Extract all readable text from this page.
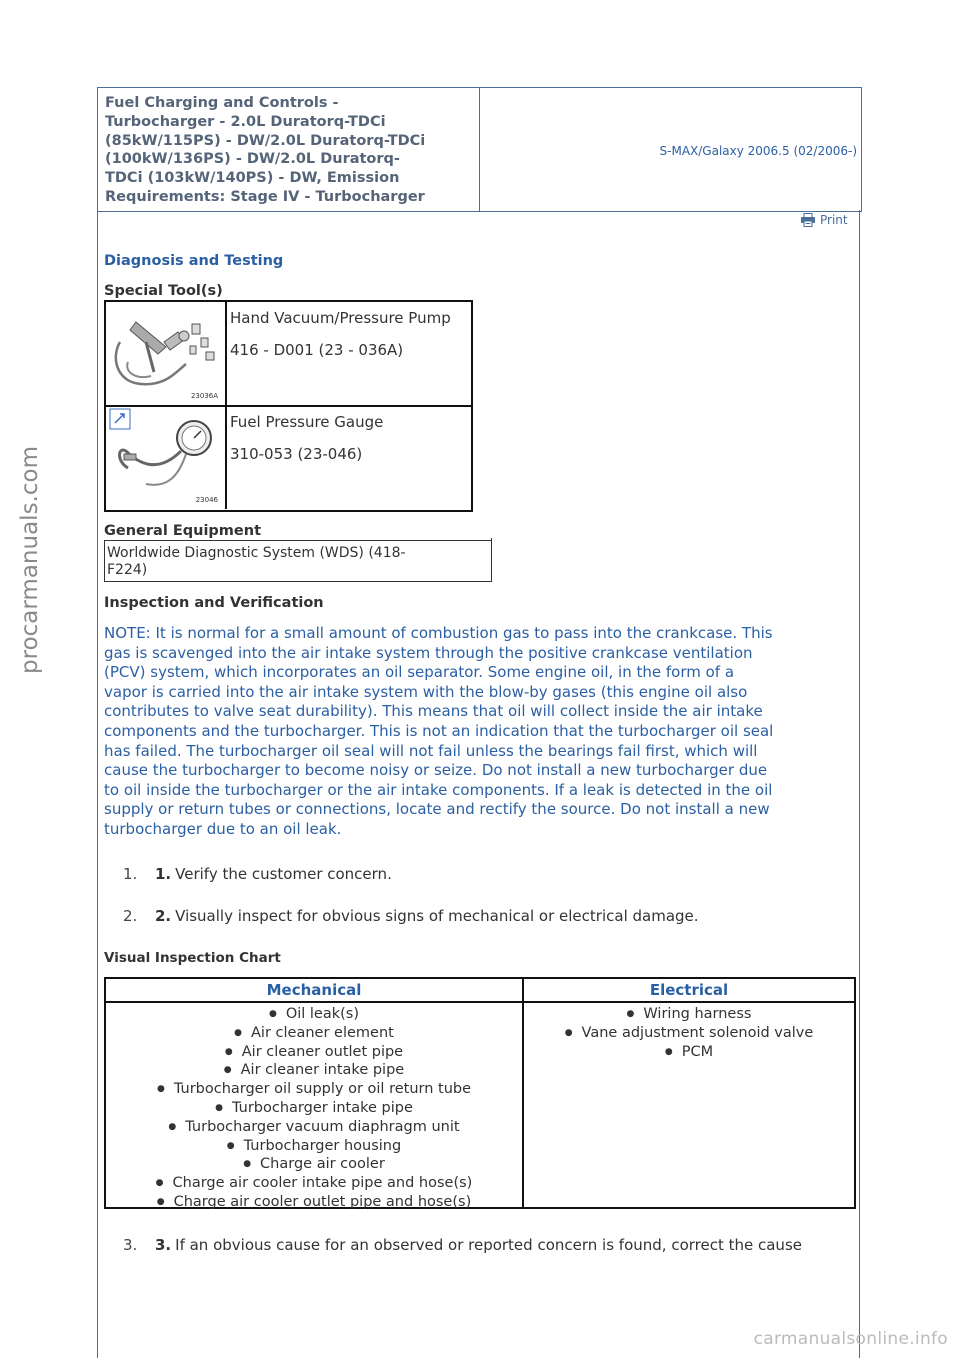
procarmanuals.com
Fuel Charging and Controls -
Turbocharger - 2.0L Duratorq-TDCi
(85kW/115PS) - DW/2.0L Duratorq-TDCi
(100kW/136PS) - DW/2.0L Duratorq-
TDCi (103kW/140PS) - DW, Emission
Requirements: Stage IV - Turbocharger
S-MAX/Galaxy 2006.5 (02/2006-)
Print
Diagnosis and Testing
Special Tool(s)
23036A
Hand Vacuum/Pressure Pump
416 - D001 (23 - 036A)
23046
Fuel Pressure Gauge
310-053 (23-046)
General Equipment
Worldwide Diagnostic System (WDS) (418-
F224)
Inspection and Verification
NOTE: It is normal for a small amount of combustion gas to pass into the crankcase. This
gas is scavenged into the air intake system through the positive crankcase ventilation
(PCV) system, which incorporates an oil separator. Some engine oil, in the form of a
vapor is carried into the air intake system with the blow-by gases (this engine oil also
contributes to valve seat durability). This means that oil will collect inside the air intake
components and the turbocharger. This is not an indication that the turbocharger oil seal
has failed. The turbocharger oil seal will not fail unless the bearings fail first, which will
cause the turbocharger to become noisy or seize. Do not install a new turbocharger due
to oil inside the turbocharger or the air intake components. If a leak is detected in the oil
supply or return tubes or connections, locate and rectify the source. Do not install a new
turbocharger due to an oil leak.
1. 1. Verify the customer concern.
2. 2. Visually inspect for obvious signs of mechanical or electrical damage.
Visual Inspection Chart
Mechanical	Electrical
● Oil leak(s)
● Air cleaner element
● Air cleaner outlet pipe
● Air cleaner intake pipe
● Turbocharger oil supply or oil return tube
● Turbocharger intake pipe
● Turbocharger vacuum diaphragm unit
● Turbocharger housing
● Charge air cooler
● Charge air cooler intake pipe and hose(s)
● Charge air cooler outlet pipe and hose(s)
● Wiring harness
● Vane adjustment solenoid valve
● PCM
3. 3. If an obvious cause for an observed or reported concern is found, correct the cause
carmanualsonline.info
